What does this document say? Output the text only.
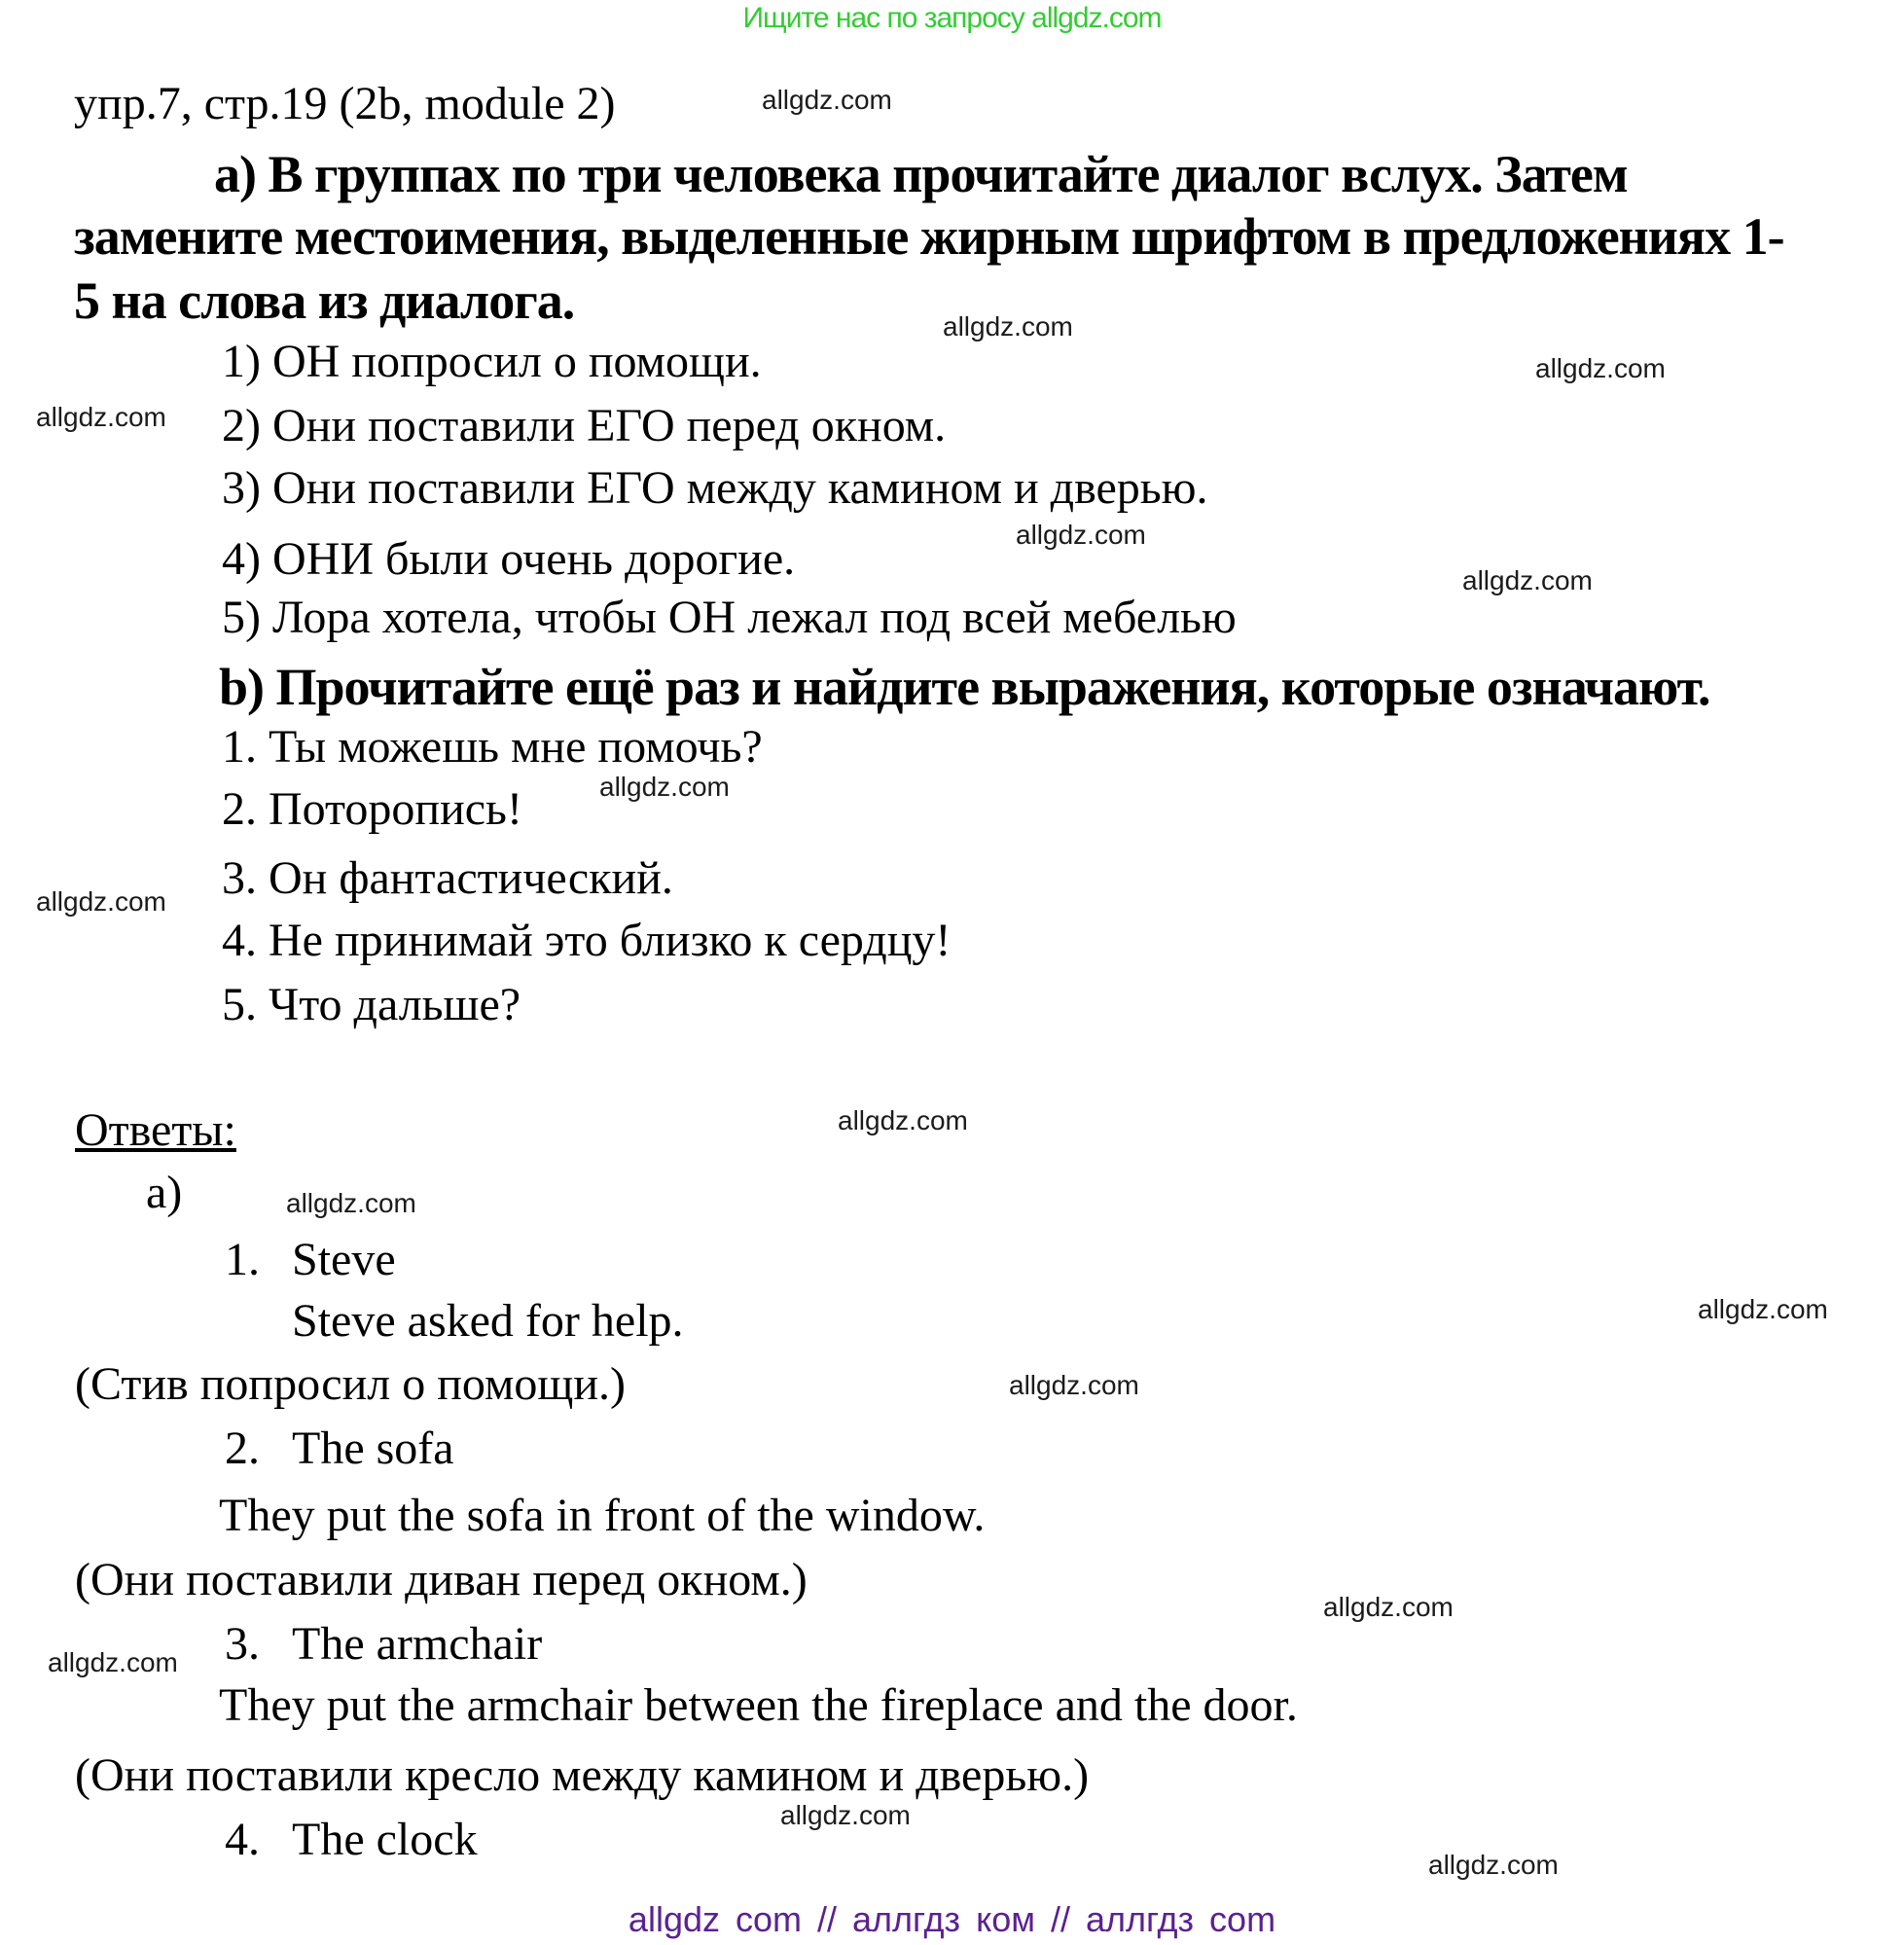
Ищите нас по запросу allgdz.com
упр.7, стр.19 (2b, module 2)
а) В группах по три человека прочитайте диалог вслух. Затем
замените местоимения, выделенные жирным шрифтом в предложениях 1-
5 на слова из диалога.
1) ОН попросил о помощи.
2) Они поставили ЕГО перед окном.
3) Они поставили ЕГО между камином и дверью.
4) ОНИ были очень дорогие.
5) Лора хотела, чтобы ОН лежал под всей мебелью
b) Прочитайте ещё раз и найдите выражения, которые означают.
1. Ты можешь мне помочь?
2. Поторопись!
3. Он фантастический.
4. Не принимай это близко к сердцу!
5. Что дальше?
Ответы:
а)
1. Steve
Steve asked for help.
(Стив попросил о помощи.)
2. The sofa
They put the sofa in front of the window.
(Они поставили диван перед окном.)
3. The armchair
They put the armchair between the fireplace and the door.
(Они поставили кресло между камином и дверью.)
4. The clock
allgdz.com
allgdz.com
allgdz.com
allgdz.com
allgdz.com
allgdz.com
allgdz.com
allgdz.com
allgdz.com
allgdz.com
allgdz.com
allgdz.com
allgdz.com
allgdz.com
allgdz.com
allgdz.com
allgdz com // аллгдз ком // аллгдз com
